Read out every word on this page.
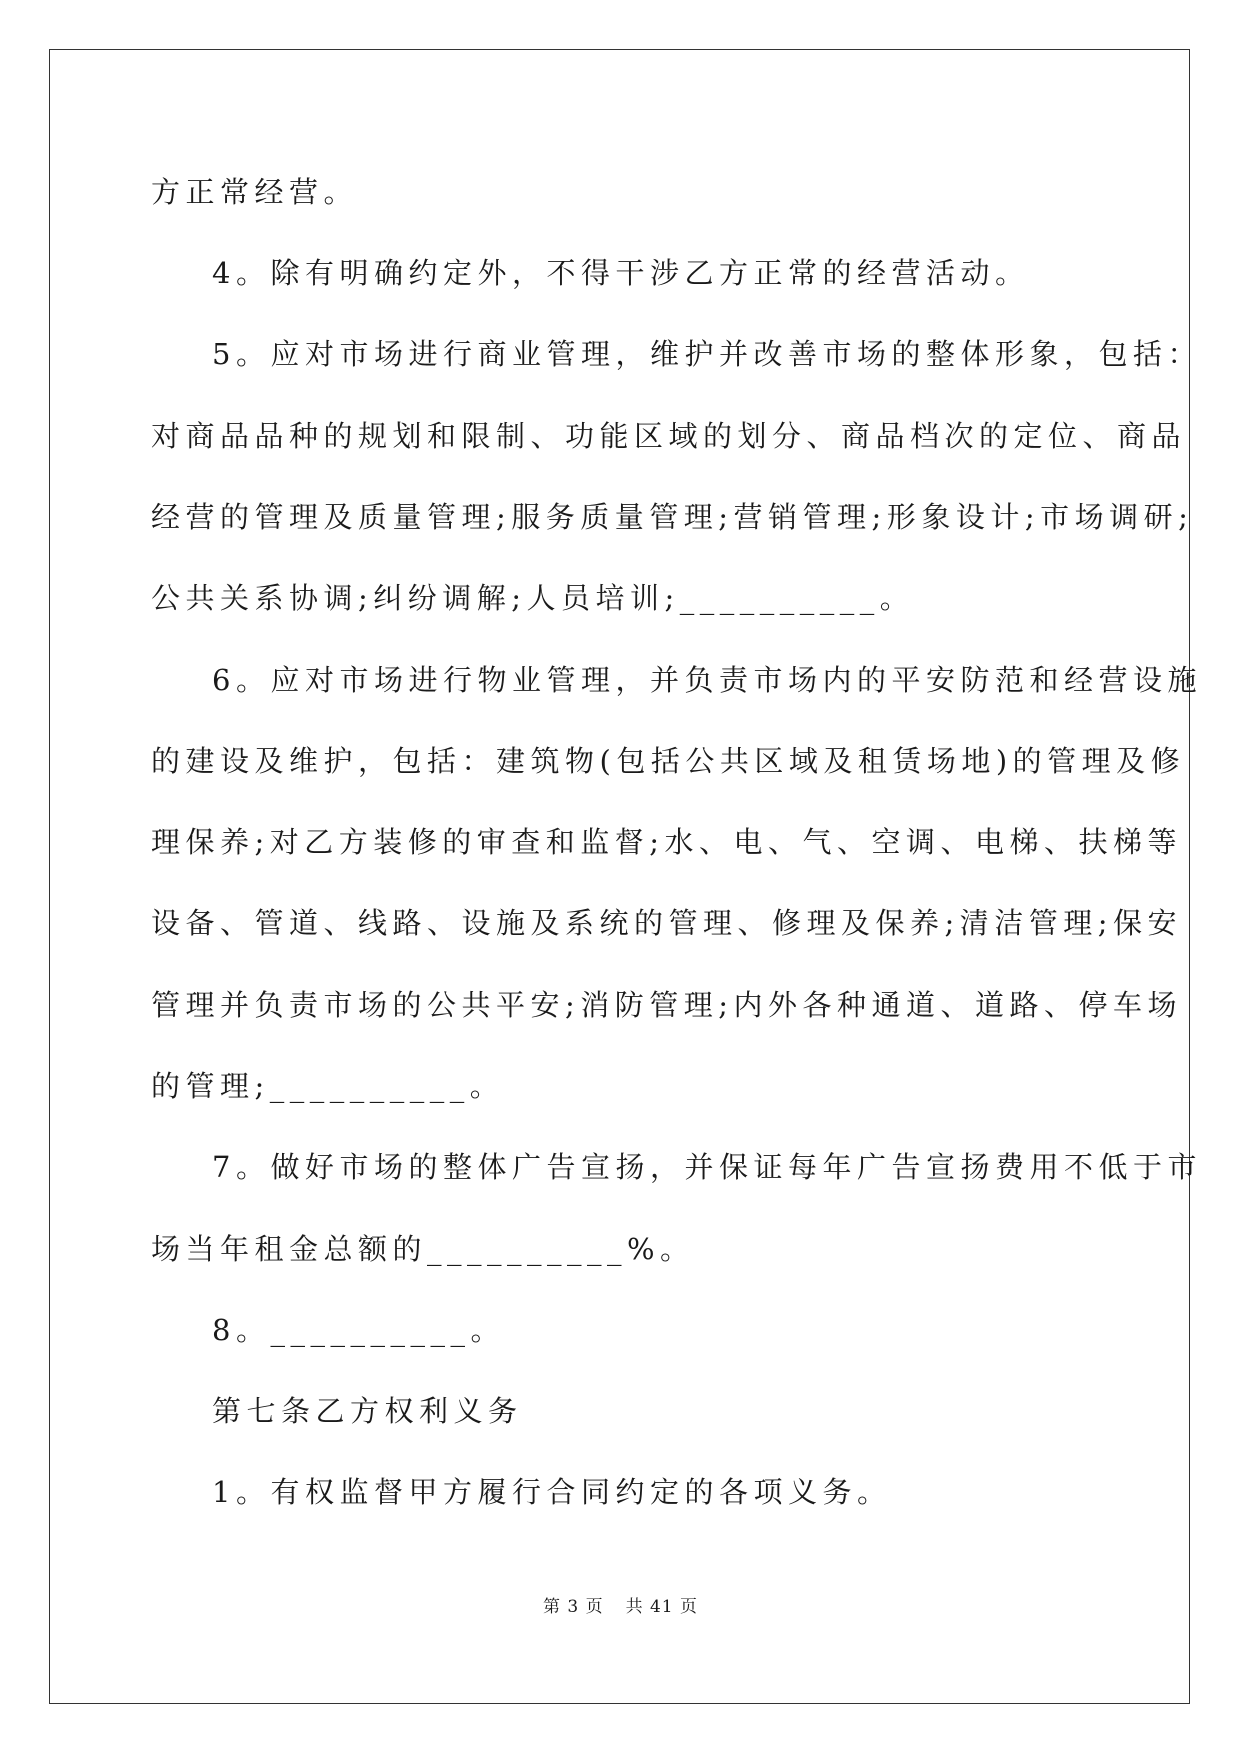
方正常经营。
4。除有明确约定外，不得干涉乙方正常的经营活动。
5。应对市场进行商业管理，维护并改善市场的整体形象，包括：
对商品品种的规划和限制、功能区域的划分、商品档次的定位、商品
经营的管理及质量管理;服务质量管理;营销管理;形象设计;市场调研;
公共关系协调;纠纷调解;人员培训;__________。
6。应对市场进行物业管理，并负责市场内的平安防范和经营设施
的建设及维护，包括：建筑物(包括公共区域及租赁场地)的管理及修
理保养;对乙方装修的审查和监督;水、电、气、空调、电梯、扶梯等
设备、管道、线路、设施及系统的管理、修理及保养;清洁管理;保安
管理并负责市场的公共平安;消防管理;内外各种通道、道路、停车场
的管理;__________。
7。做好市场的整体广告宣扬，并保证每年广告宣扬费用不低于市
场当年租金总额的__________%。
8。__________。
第七条乙方权利义务
1。有权监督甲方履行合同约定的各项义务。
第 3 页 共 41 页
